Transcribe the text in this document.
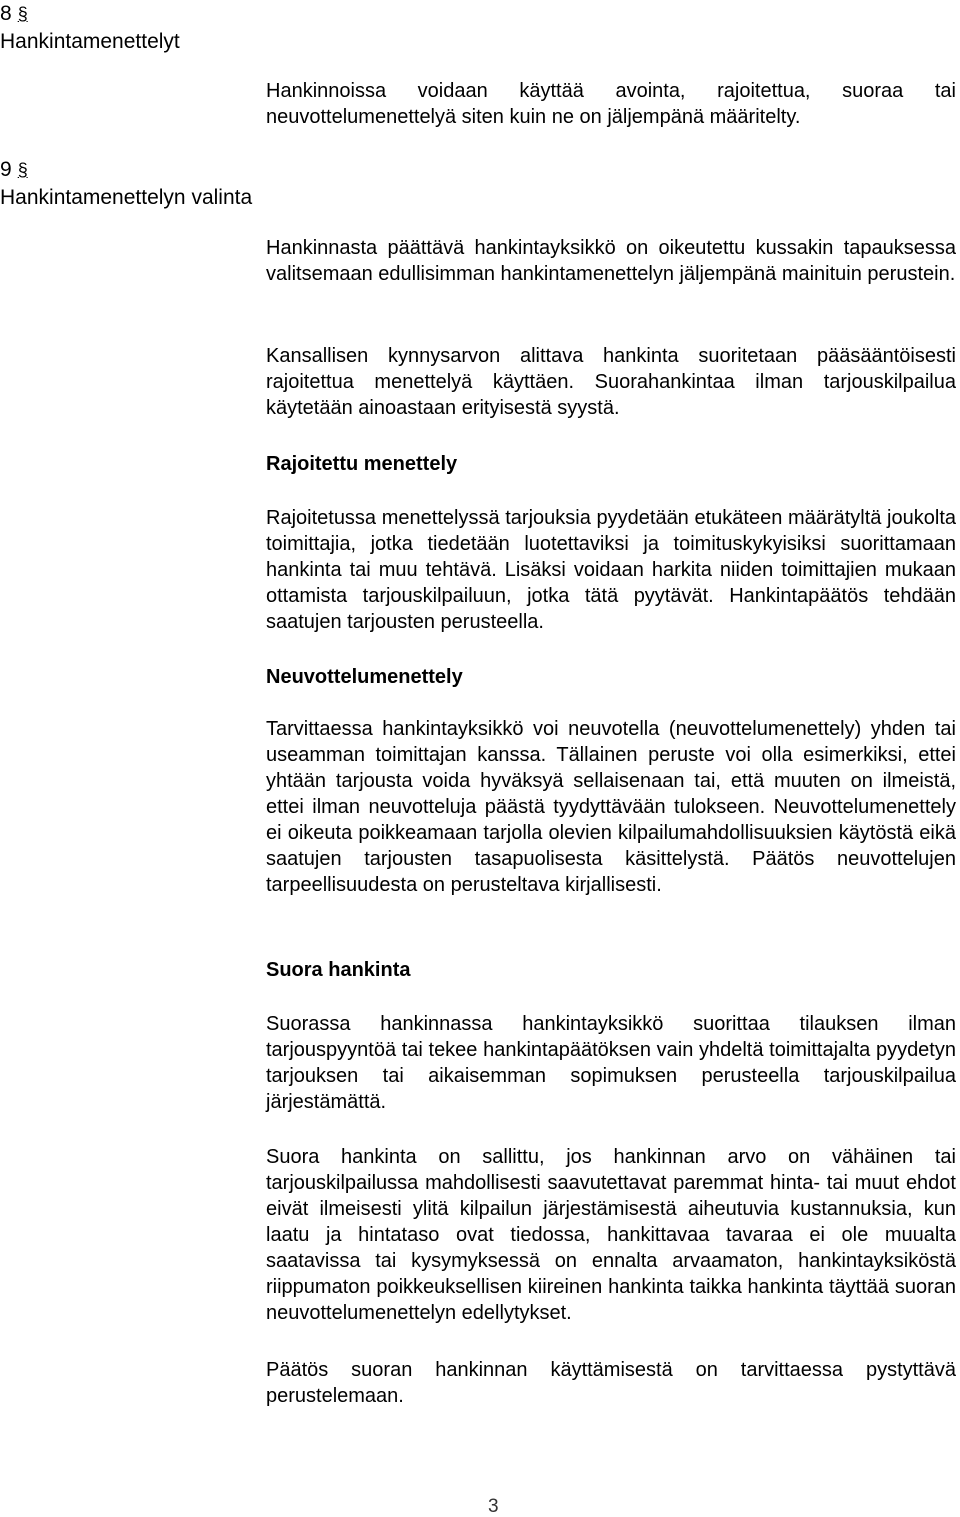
8 §
Hankintamenettelyt
Hankinnoissa voidaan käyttää avointa, rajoitettua, suoraa tai neuvottelumenettelyä siten kuin ne on jäljempänä määritelty.
9 §
Hankintamenettelyn valinta
Hankinnasta päättävä hankintayksikkö on oikeutettu kussakin tapauksessa valitsemaan edullisimman hankintamenettelyn jäljempänä mainituin perustein.
Kansallisen kynnysarvon alittava hankinta suoritetaan pääsääntöisesti rajoitettua menettelyä käyttäen. Suorahankintaa ilman tarjouskilpailua käytetään ainoastaan erityisestä syystä.
Rajoitettu menettely
Rajoitetussa menettelyssä tarjouksia pyydetään etukäteen määrätyltä joukolta toimittajia, jotka tiedetään luotettaviksi ja toimituskykyisiksi suorittamaan hankinta tai muu tehtävä. Lisäksi voidaan harkita niiden toimittajien mukaan ottamista tarjouskilpailuun, jotka tätä pyytävät. Hankintapäätös tehdään saatujen tarjousten perusteella.
Neuvottelumenettely
Tarvittaessa hankintayksikkö voi neuvotella (neuvottelumenettely) yhden tai useamman toimittajan kanssa. Tällainen peruste voi olla esimerkiksi, ettei yhtään tarjousta voida hyväksyä sellaisenaan tai, että muuten on ilmeistä, ettei ilman neuvotteluja päästä tyydyttävään tulokseen. Neuvottelumenettely ei oikeuta poikkeamaan tarjolla olevien kilpailumahdollisuuksien käytöstä eikä saatujen tarjousten tasapuolisesta käsittelystä. Päätös neuvottelujen tarpeellisuudesta on perusteltava kirjallisesti.
Suora hankinta
Suorassa hankinnassa hankintayksikkö suorittaa tilauksen ilman tarjouspyyntöä tai tekee hankintapäätöksen vain yhdeltä toimittajalta pyydetyn tarjouksen tai aikaisemman sopimuksen perusteella tarjouskilpailua järjestämättä.
Suora hankinta on sallittu, jos hankinnan arvo on vähäinen tai tarjouskilpailussa mahdollisesti saavutettavat paremmat hinta- tai muut ehdot eivät ilmeisesti ylitä kilpailun järjestämisestä aiheutuvia kustannuksia, kun laatu ja hintataso ovat tiedossa, hankittavaa tavaraa ei ole muualta saatavissa tai kysymyksessä on ennalta arvaamaton, hankintayksiköstä riippumaton poikkeuksellisen kiireinen hankinta taikka hankinta täyttää suoran neuvottelumenettelyn edellytykset.
Päätös suoran hankinnan käyttämisestä on tarvittaessa pystyttävä perustelemaan.
3
